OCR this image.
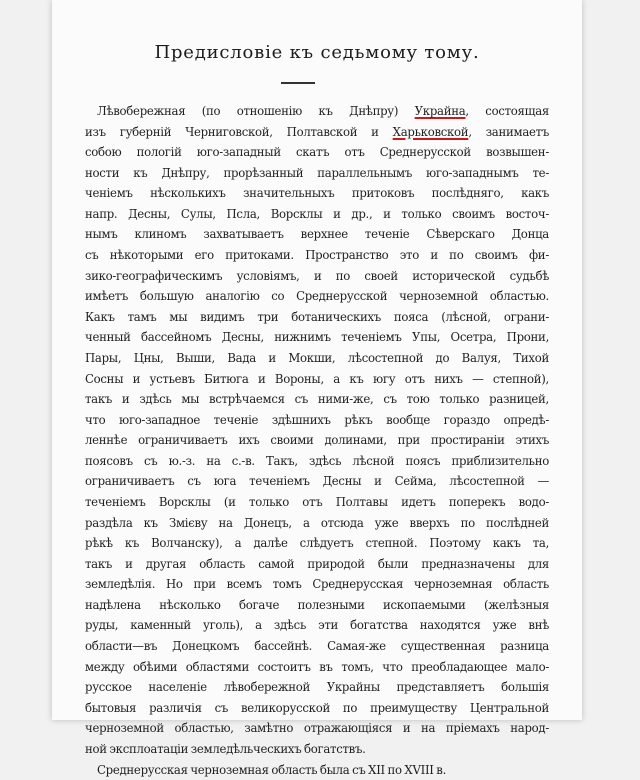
Предисловіе къ седьмому тому.
Лѣвобережная (по отношенію къ Днѣпру) Украйна, состоящая
изъ губерній Черниговской, Полтавской и Харьковской, занимаетъ
собою пологій юго-западный скатъ отъ Среднерусской возвышен-
ности къ Днѣпру, прорѣзанный параллельнымъ юго-западнымъ те-
ченіемъ нѣсколькихъ значительныхъ притоковъ послѣдняго, какъ
напр. Десны, Сулы, Псла, Ворсклы и др., и только своимъ восточ-
нымъ клиномъ захватываетъ верхнее теченіе Сѣверскаго Донца
съ нѣкоторыми его притоками. Пространство это и по своимъ фи-
зико-географическимъ условіямъ, и по своей исторической судьбѣ
имѣетъ большую аналогію со Среднерусской черноземной областью.
Какъ тамъ мы видимъ три ботаническихъ пояса (лѣсной, ограни-
ченный бассейномъ Десны, нижнимъ теченіемъ Упы, Осетра, Прони,
Пары, Цны, Выши, Вада и Мокши, лѣсостепной до Валуя, Тихой
Сосны и устьевъ Битюга и Вороны, а къ югу отъ нихъ — степной),
такъ и здѣсь мы встрѣчаемся съ ними-же, съ тою только разницей,
что юго-западное теченіе здѣшнихъ рѣкъ вообще гораздо опредѣ-
леннѣе ограничиваетъ ихъ своими долинами, при простираніи этихъ
поясовъ съ ю.-з. на с.-в. Такъ, здѣсь лѣсной поясъ приблизительно
ограничиваетъ съ югa теченіемъ Десны и Сейма, лѣсостепной —
теченіемъ Ворсклы (и только отъ Полтавы идетъ поперекъ водо-
раздѣла къ Змієву на Донецъ, а отсюда уже вверхъ по послѣдней
рѣкѣ къ Волчанску), а далѣе слѣдуетъ степной. Поэтому какъ та,
такъ и другая область самой природой были предназначены для
земледѣлія. Но при всемъ томъ Среднерусская черноземная область
надѣлена нѣсколько богаче полезными ископаемыми (желѣзныя
руды, каменный уголь), а здѣсь эти богатства находятся уже внѣ
области—въ Донецкомъ бассейнѣ. Самая-же существенная разница
между обѣими областями состоитъ въ томъ, что преобладающее мало-
русское населеніе лѣвобережной Украйны представляетъ большія
бытовыя различія съ великорусской по преимуществу Центральной
черноземной областью, замѣтно отражающіяся и на пріемахъ народ-
ной эксплоатаціи земледѣльческихъ богатствъ.
Среднерусская черноземная область была съ XII по XVIII в.
